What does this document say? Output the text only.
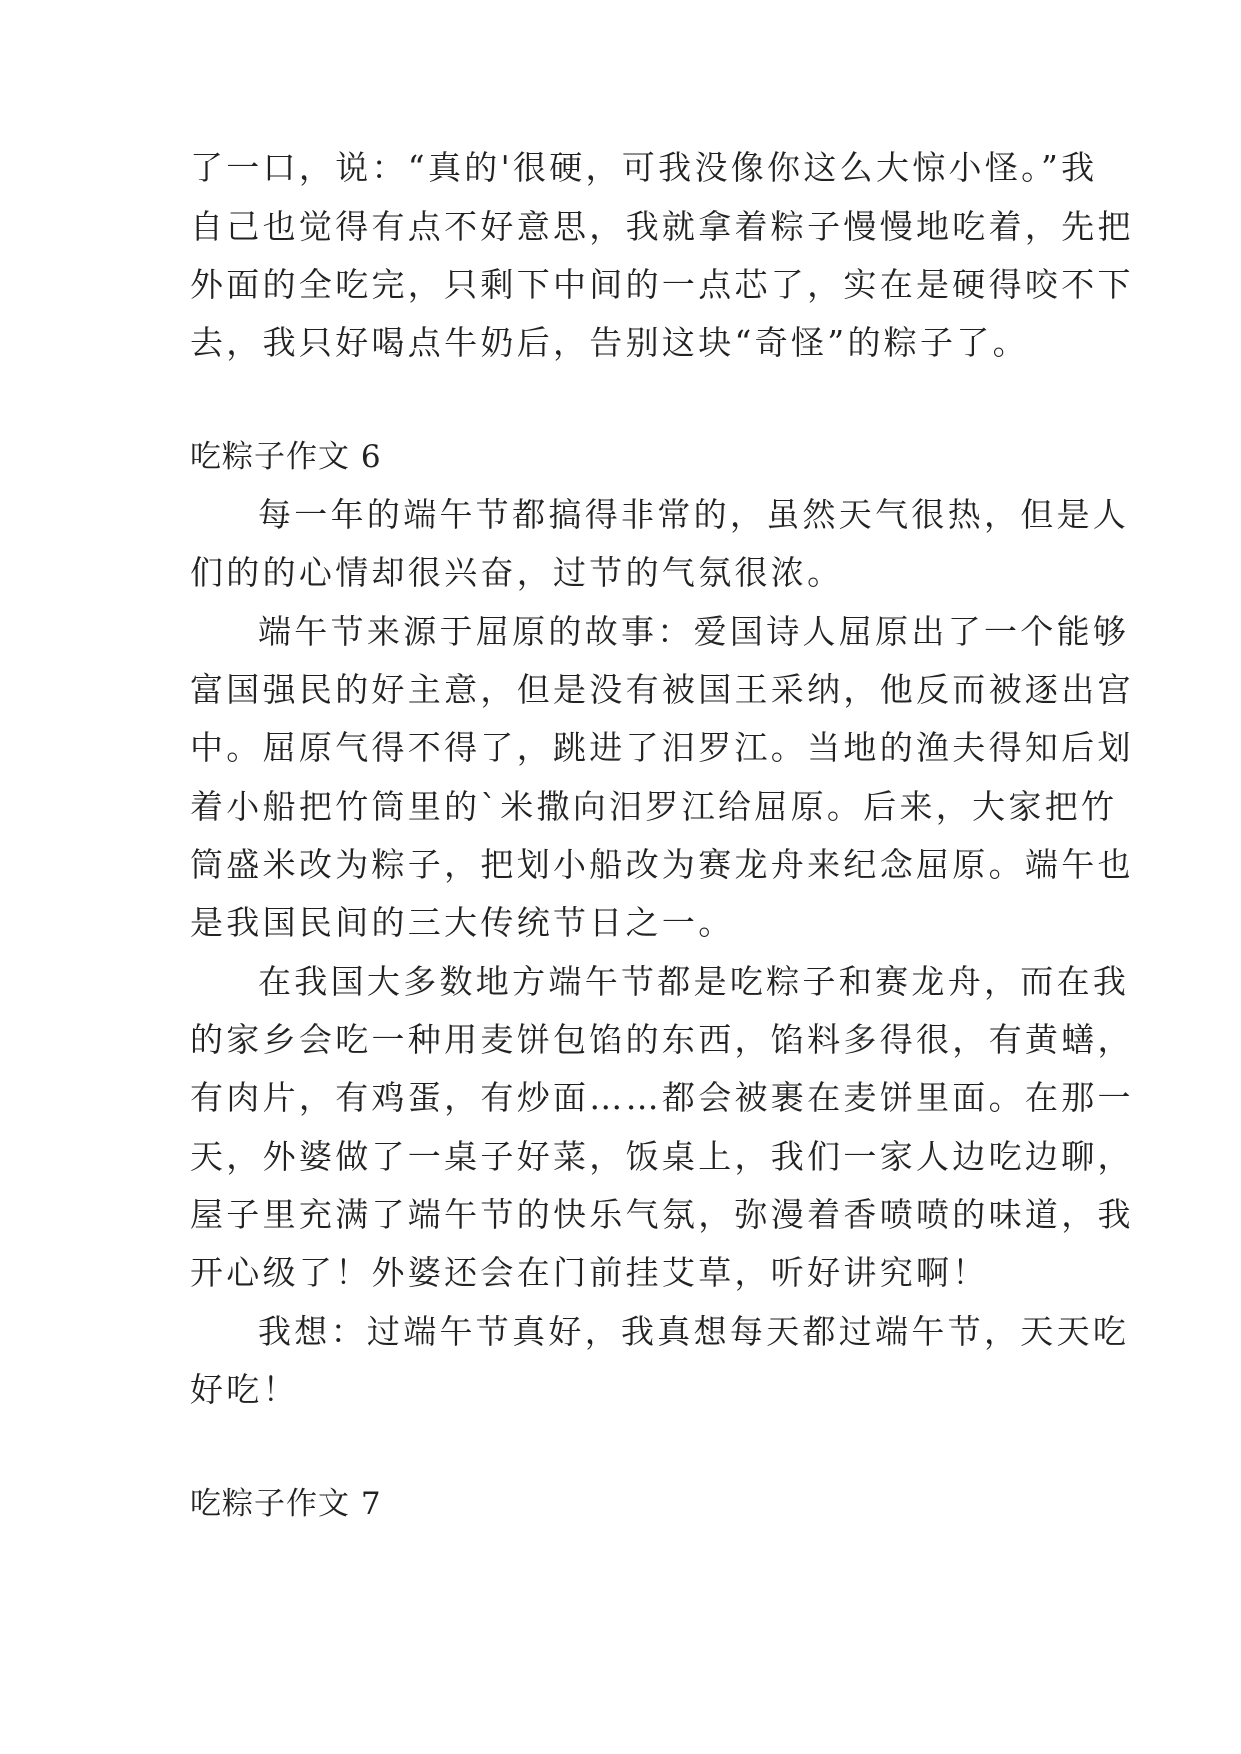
了一口，说：“真的'很硬，可我没像你这么大惊小怪。”我
自己也觉得有点不好意思，我就拿着粽子慢慢地吃着，先把
外面的全吃完，只剩下中间的一点芯了，实在是硬得咬不下
去，我只好喝点牛奶后，告别这块“奇怪”的粽子了。
吃粽子作文 6
每一年的端午节都搞得非常的，虽然天气很热，但是人
们的的心情却很兴奋，过节的气氛很浓。
端午节来源于屈原的故事：爱国诗人屈原出了一个能够
富国强民的好主意，但是没有被国王采纳，他反而被逐出宫
中。屈原气得不得了，跳进了汨罗江。当地的渔夫得知后划
着小船把竹筒里的`米撒向汨罗江给屈原。后来，大家把竹
筒盛米改为粽子，把划小船改为赛龙舟来纪念屈原。端午也
是我国民间的三大传统节日之一。
在我国大多数地方端午节都是吃粽子和赛龙舟，而在我
的家乡会吃一种用麦饼包馅的东西，馅料多得很，有黄蟮，
有肉片，有鸡蛋，有炒面……都会被裹在麦饼里面。在那一
天，外婆做了一桌子好菜，饭桌上，我们一家人边吃边聊，
屋子里充满了端午节的快乐气氛，弥漫着香喷喷的味道，我
开心级了！外婆还会在门前挂艾草，听好讲究啊！
我想：过端午节真好，我真想每天都过端午节，天天吃
好吃！
吃粽子作文 7
